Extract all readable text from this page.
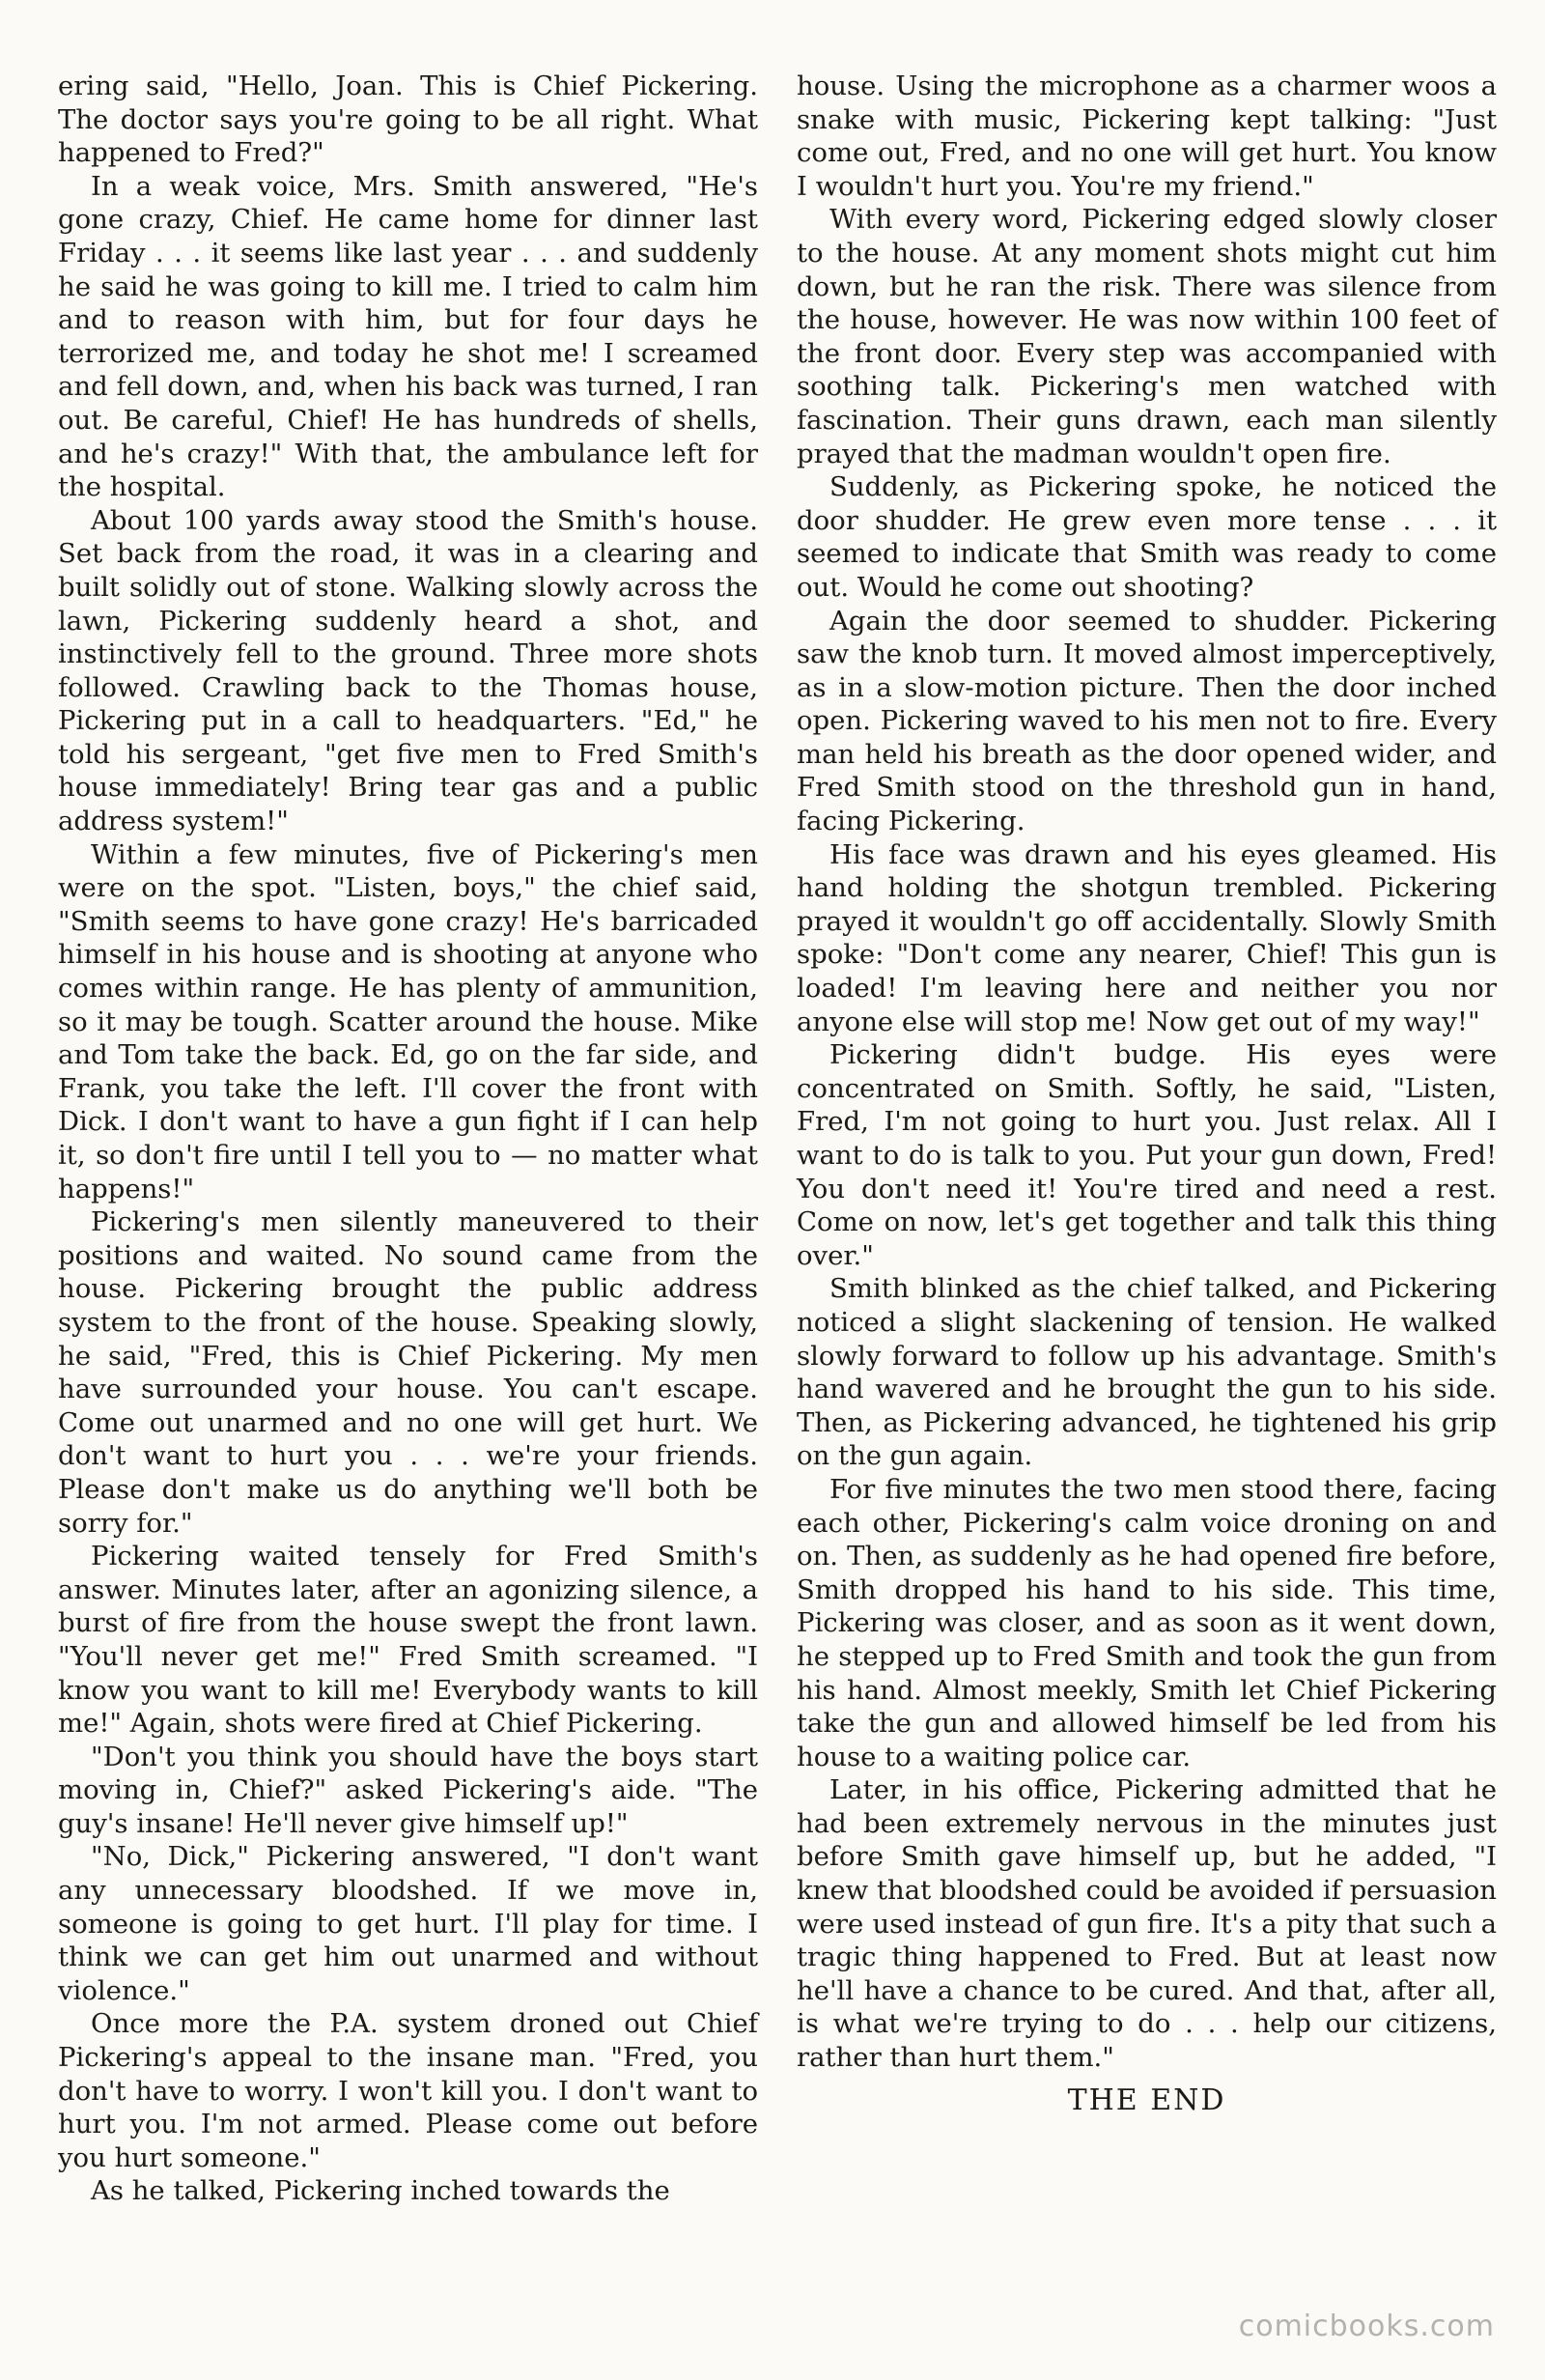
ering said, "Hello, Joan. This is Chief Pickering. The doctor says you're going to be all right. What happened to Fred?"

In a weak voice, Mrs. Smith answered, "He's gone crazy, Chief. He came home for dinner last Friday . . . it seems like last year . . . and suddenly he said he was going to kill me. I tried to calm him and to reason with him, but for four days he terrorized me, and today he shot me! I screamed and fell down, and, when his back was turned, I ran out. Be careful, Chief! He has hundreds of shells, and he's crazy!" With that, the ambulance left for the hospital.

About 100 yards away stood the Smith's house. Set back from the road, it was in a clearing and built solidly out of stone. Walking slowly across the lawn, Pickering suddenly heard a shot, and instinctively fell to the ground. Three more shots followed. Crawling back to the Thomas house, Pickering put in a call to headquarters. "Ed," he told his sergeant, "get five men to Fred Smith's house immediately! Bring tear gas and a public address system!"

Within a few minutes, five of Pickering's men were on the spot. "Listen, boys," the chief said, "Smith seems to have gone crazy! He's barricaded himself in his house and is shooting at anyone who comes within range. He has plenty of ammunition, so it may be tough. Scatter around the house. Mike and Tom take the back. Ed, go on the far side, and Frank, you take the left. I'll cover the front with Dick. I don't want to have a gun fight if I can help it, so don't fire until I tell you to — no matter what happens!"

Pickering's men silently maneuvered to their positions and waited. No sound came from the house. Pickering brought the public address system to the front of the house. Speaking slowly, he said, "Fred, this is Chief Pickering. My men have surrounded your house. You can't escape. Come out unarmed and no one will get hurt. We don't want to hurt you . . . we're your friends. Please don't make us do anything we'll both be sorry for."

Pickering waited tensely for Fred Smith's answer. Minutes later, after an agonizing silence, a burst of fire from the house swept the front lawn. "You'll never get me!" Fred Smith screamed. "I know you want to kill me! Everybody wants to kill me!" Again, shots were fired at Chief Pickering.

"Don't you think you should have the boys start moving in, Chief?" asked Pickering's aide. "The guy's insane! He'll never give himself up!"

"No, Dick," Pickering answered, "I don't want any unnecessary bloodshed. If we move in, someone is going to get hurt. I'll play for time. I think we can get him out unarmed and without violence."

Once more the P.A. system droned out Chief Pickering's appeal to the insane man. "Fred, you don't have to worry. I won't kill you. I don't want to hurt you. I'm not armed. Please come out before you hurt someone."

As he talked, Pickering inched towards the

house. Using the microphone as a charmer woos a snake with music, Pickering kept talking: "Just come out, Fred, and no one will get hurt. You know I wouldn't hurt you. You're my friend."

With every word, Pickering edged slowly closer to the house. At any moment shots might cut him down, but he ran the risk. There was silence from the house, however. He was now within 100 feet of the front door. Every step was accompanied with soothing talk. Pickering's men watched with fascination. Their guns drawn, each man silently prayed that the madman wouldn't open fire.

Suddenly, as Pickering spoke, he noticed the door shudder. He grew even more tense . . . it seemed to indicate that Smith was ready to come out. Would he come out shooting?

Again the door seemed to shudder. Pickering saw the knob turn. It moved almost imperceptively, as in a slow-motion picture. Then the door inched open. Pickering waved to his men not to fire. Every man held his breath as the door opened wider, and Fred Smith stood on the threshold gun in hand, facing Pickering.

His face was drawn and his eyes gleamed. His hand holding the shotgun trembled. Pickering prayed it wouldn't go off accidentally. Slowly Smith spoke: "Don't come any nearer, Chief! This gun is loaded! I'm leaving here and neither you nor anyone else will stop me! Now get out of my way!"

Pickering didn't budge. His eyes were concentrated on Smith. Softly, he said, "Listen, Fred, I'm not going to hurt you. Just relax. All I want to do is talk to you. Put your gun down, Fred! You don't need it! You're tired and need a rest. Come on now, let's get together and talk this thing over."

Smith blinked as the chief talked, and Pickering noticed a slight slackening of tension. He walked slowly forward to follow up his advantage. Smith's hand wavered and he brought the gun to his side. Then, as Pickering advanced, he tightened his grip on the gun again.

For five minutes the two men stood there, facing each other, Pickering's calm voice droning on and on. Then, as suddenly as he had opened fire before, Smith dropped his hand to his side. This time, Pickering was closer, and as soon as it went down, he stepped up to Fred Smith and took the gun from his hand. Almost meekly, Smith let Chief Pickering take the gun and allowed himself be led from his house to a waiting police car.

Later, in his office, Pickering admitted that he had been extremely nervous in the minutes just before Smith gave himself up, but he added, "I knew that bloodshed could be avoided if persuasion were used instead of gun fire. It's a pity that such a tragic thing happened to Fred. But at least now he'll have a chance to be cured. And that, after all, is what we're trying to do . . . help our citizens, rather than hurt them."

THE END

comicbooks.com
